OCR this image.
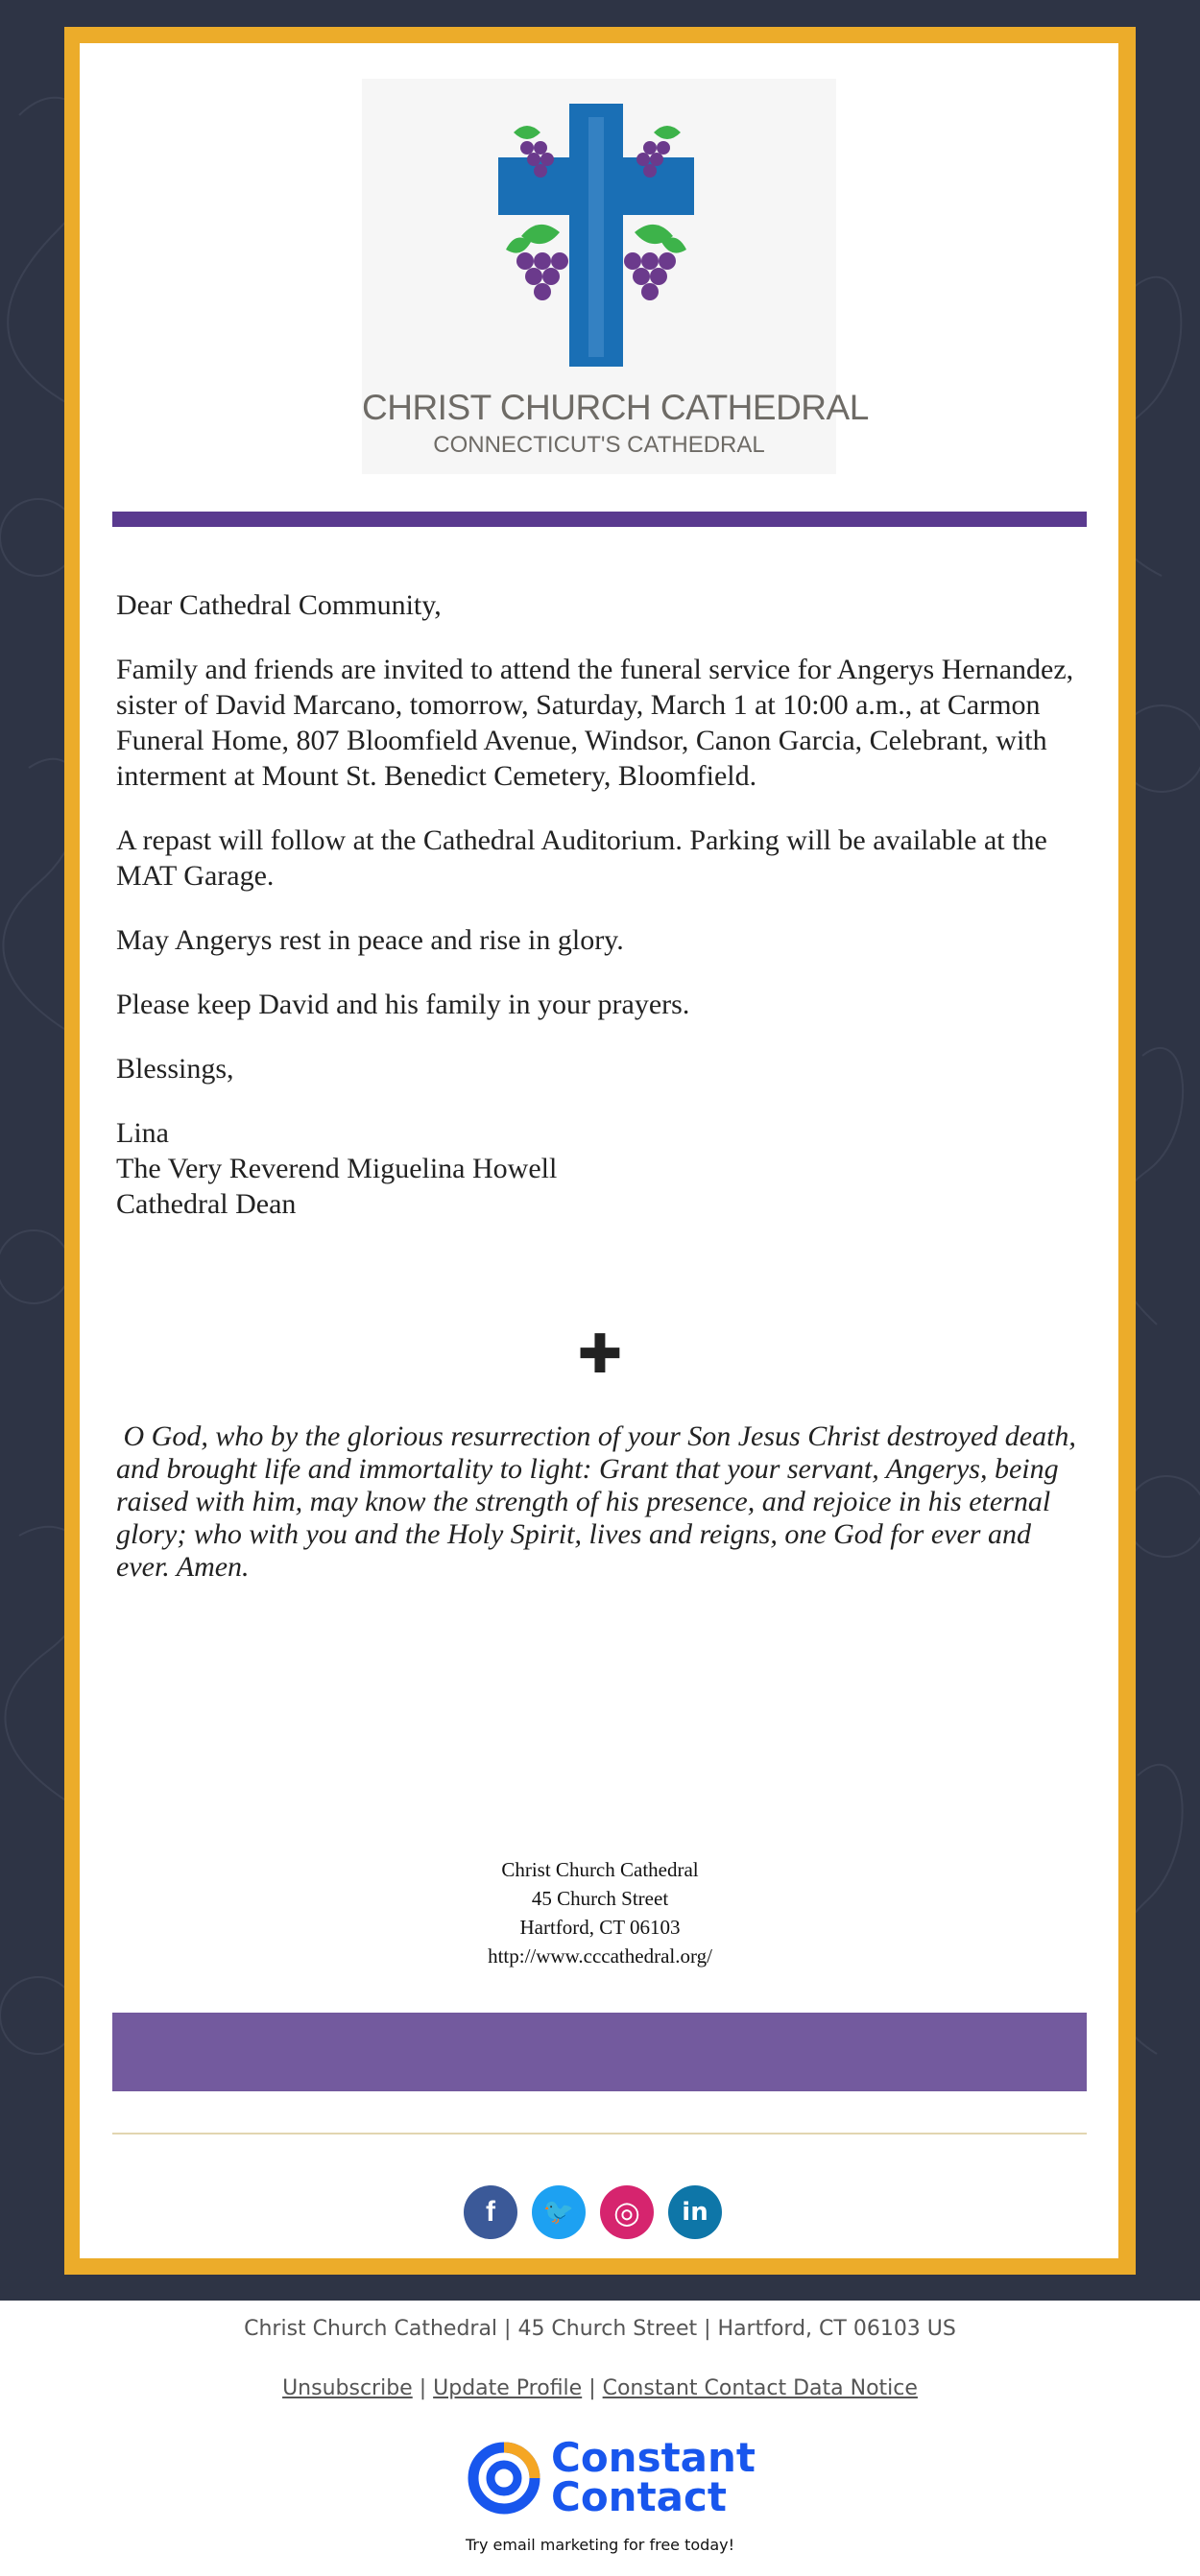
CHRIST CHURCH CATHEDRAL
CONNECTICUT'S CATHEDRAL

Dear Cathedral Community,

Family and friends are invited to attend the funeral service for Angerys Hernandez, sister of David Marcano, tomorrow, Saturday, March 1 at 10:00 a.m., at Carmon Funeral Home, 807 Bloomfield Avenue, Windsor, Canon Garcia, Celebrant, with interment at Mount St. Benedict Cemetery, Bloomfield.

A repast will follow at the Cathedral Auditorium. Parking will be available at the MAT Garage.

May Angerys rest in peace and rise in glory.

Please keep David and his family in your prayers.

Blessings,

Lina
The Very Reverend Miguelina Howell
Cathedral Dean
✚
O God, who by the glorious resurrection of your Son Jesus Christ destroyed death, and brought life and immortality to light: Grant that your servant, Angerys, being raised with him, may know the strength of his presence, and rejoice in his eternal glory; who with you and the Holy Spirit, lives and reigns, one God for ever and ever. Amen.
Christ Church Cathedral
45 Church Street
Hartford, CT 06103
http://www.cccathedral.org/
f	🐦	◎	in
Christ Church Cathedral | 45 Church Street | Hartford, CT 06103 US
Unsubscribe | Update Profile | Constant Contact Data Notice
Constant
Contact
Try email marketing for free today!
